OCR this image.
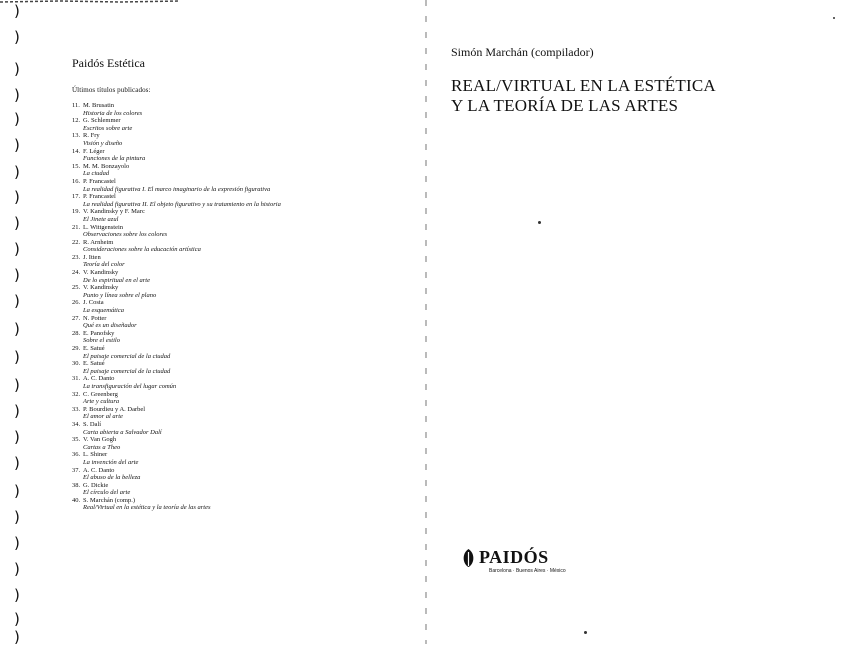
)
)
)
)
)
)
)
)
)
)
)
)
)
)
)
)
)
)
)
)
)
)
)
)
)
Paidós Estética
Últimos títulos publicados:
11. M. Brusatin
Historia de los colores
12. G. Schlemmer
Escritos sobre arte
13. R. Fry
Visión y diseño
14. F. Léger
Funciones de la pintura
15. M. M. Bonzayolo
La ciudad
16. P. Francastel
La realidad figurativa I. El marco imaginario de la expresión figurativa
17. P. Francastel
La realidad figurativa II. El objeto figurativo y su tratamiento en la historia
19. V. Kandinsky y F. Marc
El Jinete azul
21. L. Wittgenstein
Observaciones sobre los colores
22. R. Arnheim
Consideraciones sobre la educación artística
23. J. Itten
Teoría del color
24. V. Kandinsky
De lo espiritual en el arte
25. V. Kandinsky
Punto y línea sobre el plano
26. J. Costa
La esquemática
27. N. Potter
Qué es un diseñador
28. E. Panofsky
Sobre el estilo
29. E. Satué
El paisaje comercial de la ciudad
30. E. Satué
El paisaje comercial de la ciudad
31. A. C. Danto
La transfiguración del lugar común
32. C. Greenberg
Arte y cultura
33. P. Bourdieu y A. Darbel
El amor al arte
34. S. Dalí
Carta abierta a Salvador Dalí
35. V. Van Gogh
Cartas a Theo
36. L. Shiner
La invención del arte
37. A. C. Danto
El abuso de la belleza
38. G. Dickie
El círculo del arte
40. S. Marchán (comp.)
Real/Virtual en la estética y la teoría de las artes
Simón Marchán (compilador)
REAL/VIRTUAL EN LA ESTÉTICA
Y LA TEORÍA DE LAS ARTES
PAIDÓS
Barcelona · Buenos Aires · México
